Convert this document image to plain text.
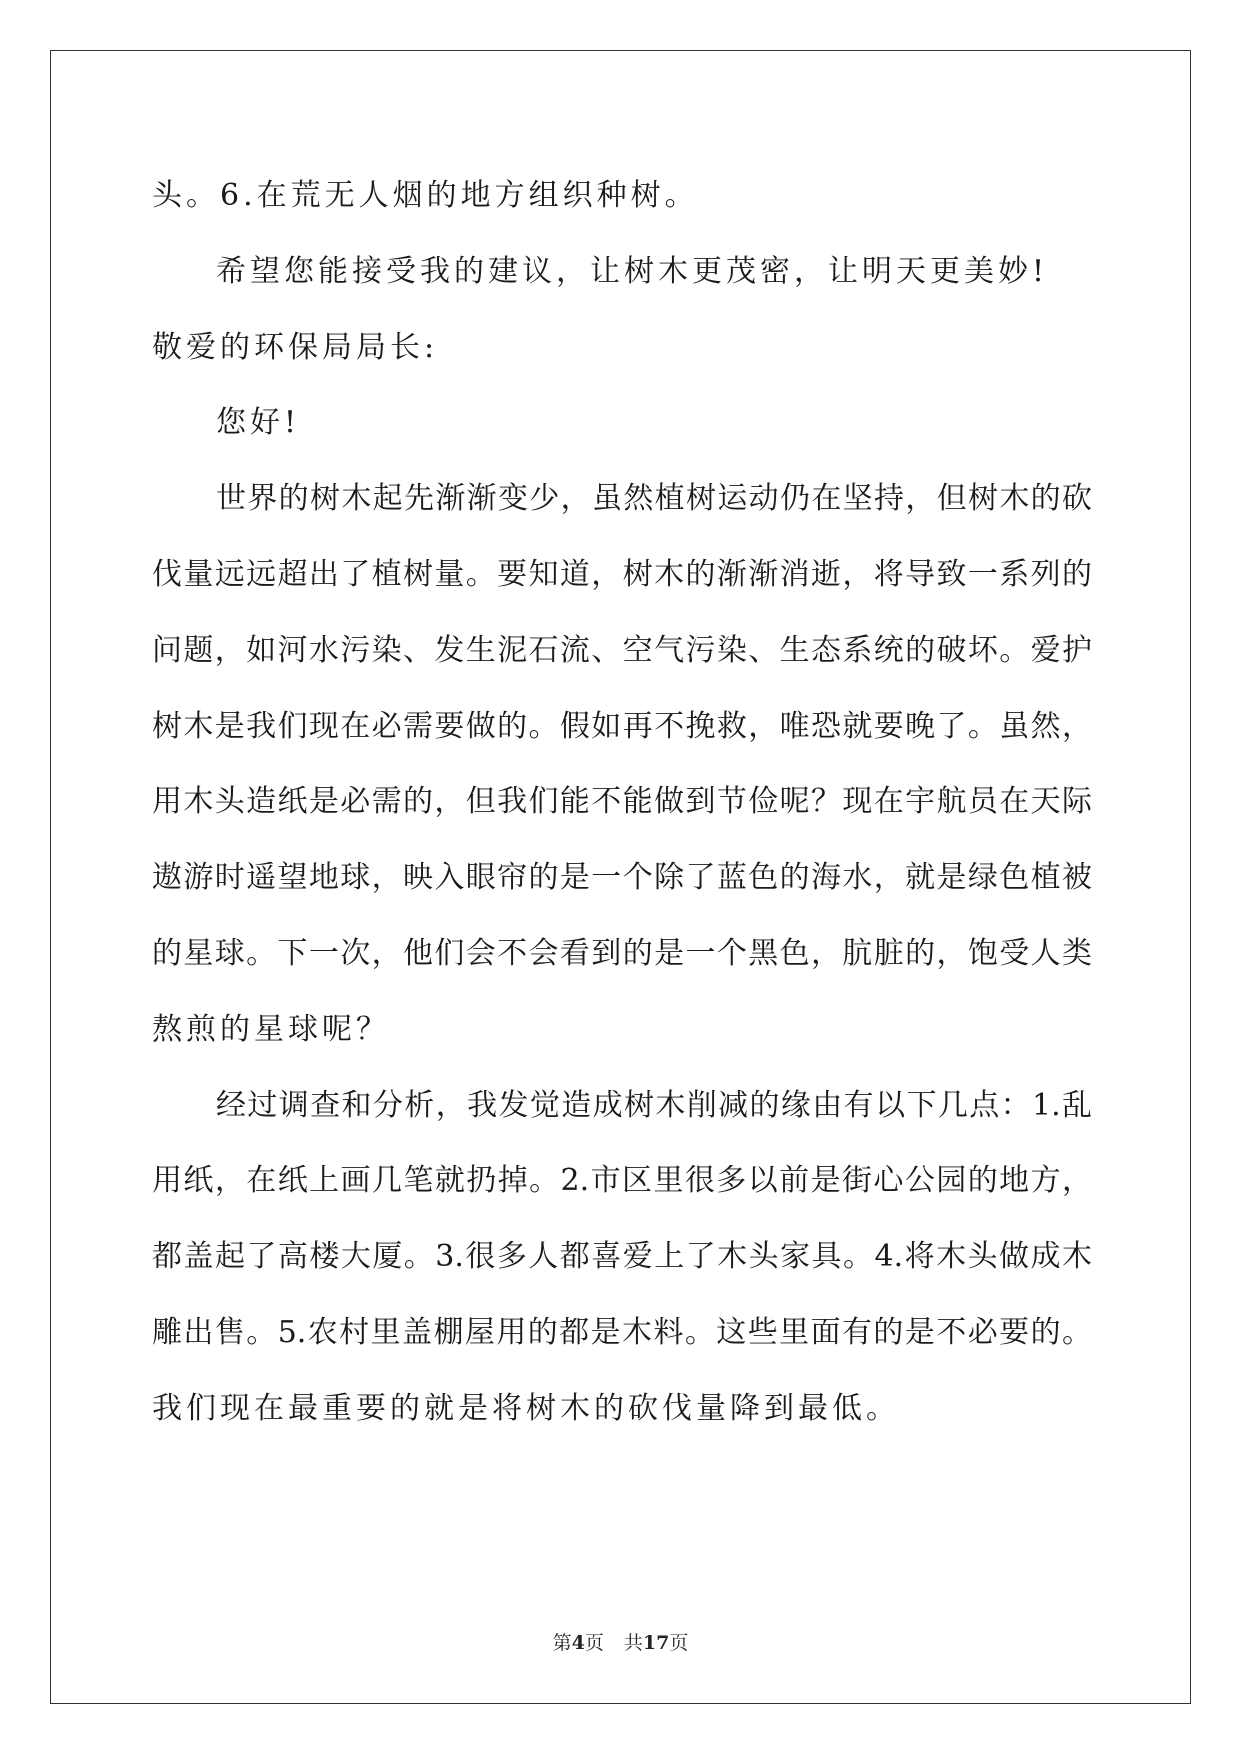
头。6.在荒无人烟的地方组织种树。
希望您能接受我的建议，让树木更茂密，让明天更美妙!
敬爱的环保局局长:
您好!
世界的树木起先渐渐变少，虽然植树运动仍在坚持，但树木的砍
伐量远远超出了植树量。要知道，树木的渐渐消逝，将导致一系列的
问题，如河水污染、发生泥石流、空气污染、生态系统的破坏。爱护
树木是我们现在必需要做的。假如再不挽救，唯恐就要晚了。虽然，
用木头造纸是必需的，但我们能不能做到节俭呢？现在宇航员在天际
遨游时遥望地球，映入眼帘的是一个除了蓝色的海水，就是绿色植被
的星球。下一次，他们会不会看到的是一个黑色，肮脏的，饱受人类
熬煎的星球呢？
经过调查和分析，我发觉造成树木削减的缘由有以下几点：1.乱
用纸，在纸上画几笔就扔掉。2.市区里很多以前是街心公园的地方，
都盖起了高楼大厦。3.很多人都喜爱上了木头家具。4.将木头做成木
雕出售。5.农村里盖棚屋用的都是木料。这些里面有的是不必要的。
我们现在最重要的就是将树木的砍伐量降到最低。
第4页 共17页
